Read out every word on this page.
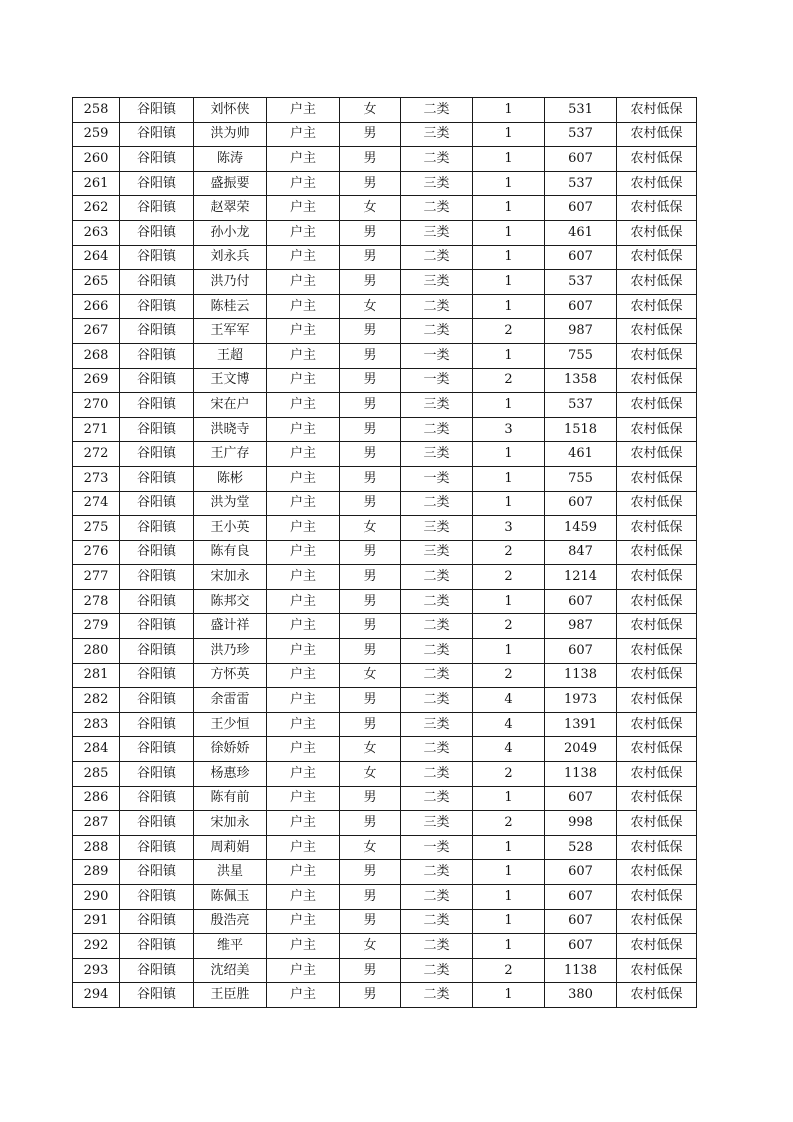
258	谷阳镇	刘怀侠	户主	女	二类	1	531	农村低保
259	谷阳镇	洪为帅	户主	男	三类	1	537	农村低保
260	谷阳镇	陈涛	户主	男	二类	1	607	农村低保
261	谷阳镇	盛振要	户主	男	三类	1	537	农村低保
262	谷阳镇	赵翠荣	户主	女	二类	1	607	农村低保
263	谷阳镇	孙小龙	户主	男	三类	1	461	农村低保
264	谷阳镇	刘永兵	户主	男	二类	1	607	农村低保
265	谷阳镇	洪乃付	户主	男	三类	1	537	农村低保
266	谷阳镇	陈桂云	户主	女	二类	1	607	农村低保
267	谷阳镇	王军军	户主	男	二类	2	987	农村低保
268	谷阳镇	王超	户主	男	一类	1	755	农村低保
269	谷阳镇	王文博	户主	男	一类	2	1358	农村低保
270	谷阳镇	宋在户	户主	男	三类	1	537	农村低保
271	谷阳镇	洪晓寺	户主	男	二类	3	1518	农村低保
272	谷阳镇	王广存	户主	男	三类	1	461	农村低保
273	谷阳镇	陈彬	户主	男	一类	1	755	农村低保
274	谷阳镇	洪为堂	户主	男	二类	1	607	农村低保
275	谷阳镇	王小英	户主	女	三类	3	1459	农村低保
276	谷阳镇	陈有良	户主	男	三类	2	847	农村低保
277	谷阳镇	宋加永	户主	男	二类	2	1214	农村低保
278	谷阳镇	陈邦交	户主	男	二类	1	607	农村低保
279	谷阳镇	盛计祥	户主	男	二类	2	987	农村低保
280	谷阳镇	洪乃珍	户主	男	二类	1	607	农村低保
281	谷阳镇	方怀英	户主	女	二类	2	1138	农村低保
282	谷阳镇	余雷雷	户主	男	二类	4	1973	农村低保
283	谷阳镇	王少恒	户主	男	三类	4	1391	农村低保
284	谷阳镇	徐娇娇	户主	女	二类	4	2049	农村低保
285	谷阳镇	杨惠珍	户主	女	二类	2	1138	农村低保
286	谷阳镇	陈有前	户主	男	二类	1	607	农村低保
287	谷阳镇	宋加永	户主	男	三类	2	998	农村低保
288	谷阳镇	周莉娟	户主	女	一类	1	528	农村低保
289	谷阳镇	洪星	户主	男	二类	1	607	农村低保
290	谷阳镇	陈佩玉	户主	男	二类	1	607	农村低保
291	谷阳镇	殷浩亮	户主	男	二类	1	607	农村低保
292	谷阳镇	维平	户主	女	二类	1	607	农村低保
293	谷阳镇	沈绍美	户主	男	二类	2	1138	农村低保
294	谷阳镇	王臣胜	户主	男	二类	1	380	农村低保
